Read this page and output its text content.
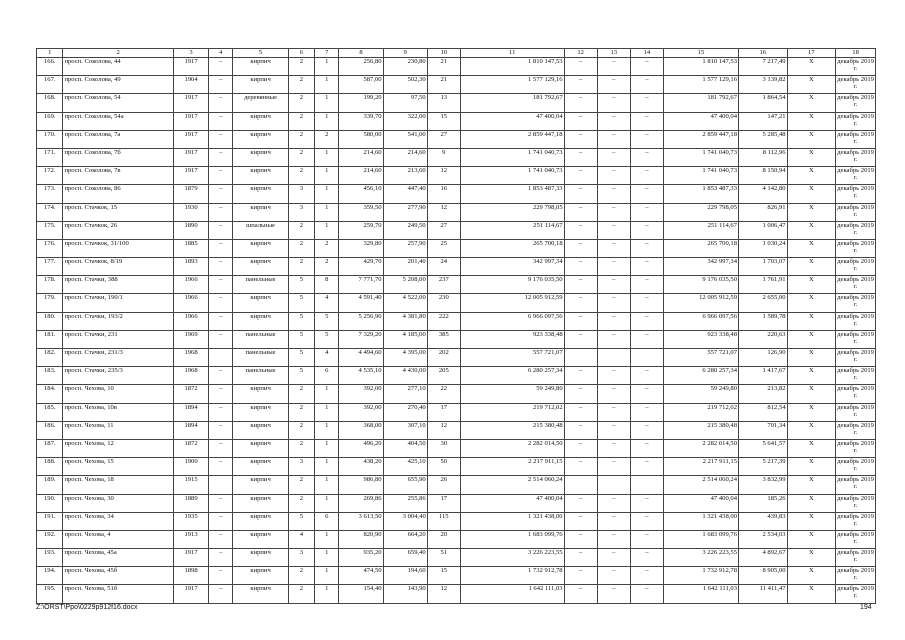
1	2	3	4	5	6	7	8	9	10	11	12	13	14	15	16	17	18
166.	просп. Соколова, 44	1917	–	кирпич	2	1	256,80	230,80	21	1 810 147,53	–	–	–	1 810 147,53	7 217,49	Х	декабрь 2019 г.
167.	просп. Соколова, 49	1904	–	кирпич	2	1	587,00	502,30	21	1 577 129,16	–	–	–	1 577 129,16	3 139,82	Х	декабрь 2019 г.
168.	просп. Соколова, 54	1917	–	деревянные	2	1	199,20	97,50	13	181 792,67	–	–	–	181 792,67	1 864,54	Х	декабрь 2019 г.
169.	просп. Соколова, 54а	1917	–	кирпич	2	1	339,70	322,00	15	47 400,04	–	–	–	47 400,04	147,21	Х	декабрь 2019 г.
170.	просп. Соколова, 7а	1917	–	кирпич	2	2	580,00	541,00	27	2 859 447,18	–	–	–	2 859 447,18	5 285,48	Х	декабрь 2019 г.
171.	просп. Соколова, 7б	1917	–	кирпич	2	1	214,60	214,60	9	1 741 040,73	–	–	–	1 741 040,73	8 112,96	Х	декабрь 2019 г.
172.	просп. Соколова, 7в	1917	–	кирпич	2	1	214,60	213,60	12	1 741 040,73	–	–	–	1 741 040,73	8 150,94	Х	декабрь 2019 г.
173.	просп. Соколова, 86	1879	–	кирпич	3	1	456,10	447,40	16	1 853 487,33	–	–	–	1 853 487,33	4 142,80	Х	декабрь 2019 г.
174.	просп. Стачкок, 15	1930	–	кирпич	3	1	359,50	277,90	12	229 798,05	–	–	–	229 798,05	826,91	Х	декабрь 2019 г.
175.	просп. Стачкок, 26	1890	–	шпальные	2	1	259,70	249,50	27	251 114,67	–	–	–	251 114,67	1 006,47	Х	декабрь 2019 г.
176.	просп. Стачкок, 31/100	1885	–	кирпич	2	2	329,80	257,90	25	265 700,18	–	–	–	265 700,18	1 030,24	Х	декабрь 2019 г.
177.	просп. Стачкок, 8/19	1893	–	кирпич	2	2	429,70	201,40	24	342 997,34	–	–	–	342 997,34	1 703,07	Х	декабрь 2019 г.
178.	просп. Стачки, 388	1966	–	панельные	5	8	7 771,70	5 208,00	237	9 176 035,50	–	–	–	9 176 035,50	1 761,91	Х	декабрь 2019 г.
179.	просп. Стачки, 190/1	1966	–	кирпич	5	4	4 591,40	4 522,00	230	12 005 912,59	–	–	–	12 005 912,59	2 655,00	Х	декабрь 2019 г.
180.	просп. Стачки, 193/2	1966	–	кирпич	5	5	5 256,90	4 381,80	222	6 966 097,56	–	–	–	6 966 097,56	1 589,78	Х	декабрь 2019 г.
181.	просп. Стачки, 231	1969	–	панельные	5	5	7 329,20	4 185,00	385	923 338,48	–	–	–	923 338,48	220,63	Х	декабрь 2019 г.
182.	просп. Стачки, 231/3	1968		панельные	5	4	4 494,60	4 395,00	202	557 721,07				557 721,07	126,90	Х	декабрь 2019 г.
183.	просп. Стачки, 235/3	1968	–	панельные	5	6	4 535,10	4 430,00	205	6 280 257,34	–	–	–	6 280 257,34	1 417,67	Х	декабрь 2019 г.
184.	просп. Чехова, 10	1872	–	кирпич	2	1	392,00	277,10	22	59 249,80	–	–	–	59 249,80	213,82	Х	декабрь 2019 г.
185.	просп. Чехова, 10в	1894	–	кирпич	2	1	392,00	270,40	17	219 712,02	–	–	–	219 712,02	812,54	Х	декабрь 2019 г.
186.	просп. Чехова, 11	1894	–	кирпич	2	1	368,00	307,10	12	215 380,48	–	–	–	215 380,48	701,34	Х	декабрь 2019 г.
187.	просп. Чехова, 12	1872	–	кирпич	2	1	496,20	404,50	30	2 282 014,50	–	–	–	2 282 014,50	5 641,57	Х	декабрь 2019 г.
188.	просп. Чехова, 15	1900	–	кирпич	3	1	438,20	425,10	50	2 217 911,15	–	–	–	2 217 911,15	5 217,39	Х	декабрь 2019 г.
189.	просп. Чехова, 18	1915		кирпич	2	1	986,80	655,90	26	2 514 060,24				2 514 060,24	3 832,99	Х	декабрь 2019 г.
190.	просп. Чехова, 30	1889	–	кирпич	2	1	269,86	255,86	17	47 400,04	–	–	–	47 400,04	185,26	Х	декабрь 2019 г.
191.	просп. Чехова, 34	1935	–	кирпич	5	6	3 613,50	3 004,40	115	1 321 438,00	–	–	–	1 321 438,00	439,83	Х	декабрь 2019 г.
192.	просп. Чехова, 4	1913	–	кирпич	4	1	820,90	664,20	20	1 683 099,76	–	–	–	1 683 099,76	2 534,03	Х	декабрь 2019 г.
193.	просп. Чехова, 45а	1917	–	кирпич	3	1	935,20	659,40	51	3 226 223,55	–	–	–	3 226 223,55	4 892,67	Х	декабрь 2019 г.
194.	просп. Чехова, 45б	1898	–	кирпич	2	1	474,50	194,60	15	1 732 912,78	–	–	–	1 732 912,78	8 905,00	Х	декабрь 2019 г.
195.	просп. Чехова, 51б	1917	–	кирпич	2	1	154,40	143,90	12	1 642 111,03	–	–	–	1 642 111,03	11 411,47	Х	декабрь 2019 г.
Z:\ORST\Ppo\0229p912f16.docx	194
